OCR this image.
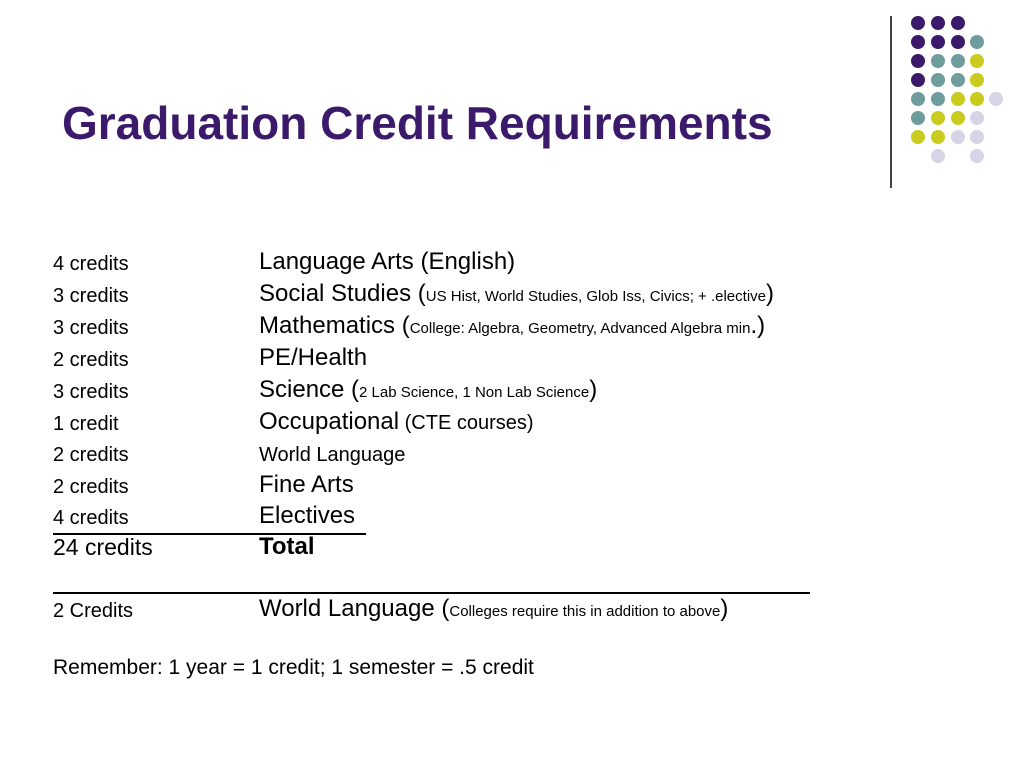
Graduation Credit Requirements
4 credits	Language Arts (English)
3 credits	Social Studies (US Hist, World Studies, Glob Iss, Civics; + .elective)
3 credits	Mathematics (College: Algebra, Geometry, Advanced Algebra min.)
2 credits	PE/Health
3 credits	Science (2 Lab Science, 1 Non Lab Science)
1 credit	Occupational (CTE courses)
2 credits	World Language
2 credits	Fine Arts
4 credits	Electives
24 credits	Total
2 Credits	World Language (Colleges require this in addition to above)
Remember: 1 year = 1 credit; 1 semester = .5 credit
